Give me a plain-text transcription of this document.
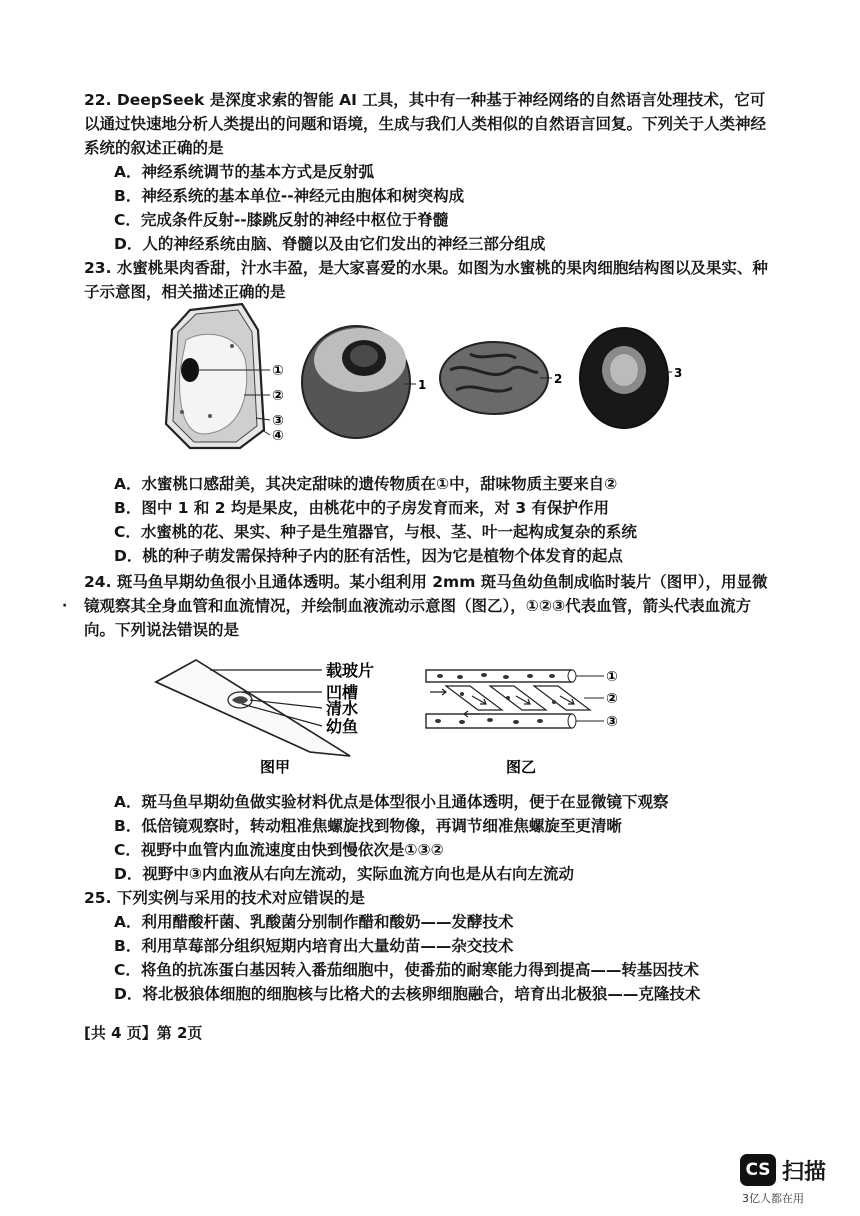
22. DeepSeek 是深度求索的智能 AI 工具，其中有一种基于神经网络的自然语言处理技术，它可以通过快速地分析人类提出的问题和语境，生成与我们人类相似的自然语言回复。下列关于人类神经系统的叙述正确的是

A．神经系统调节的基本方式是反射弧

B．神经系统的基本单位--神经元由胞体和树突构成

C．完成条件反射--膝跳反射的神经中枢位于脊髓

D．人的神经系统由脑、脊髓以及由它们发出的神经三部分组成

23. 水蜜桃果肉香甜，汁水丰盈，是大家喜爱的水果。如图为水蜜桃的果肉细胞结构图以及果实、种子示意图，相关描述正确的是

①
②
③
④
1	2	3

A．水蜜桃口感甜美，其决定甜味的遗传物质在①中，甜味物质主要来自②

B．图中 1 和 2 均是果皮，由桃花中的子房发育而来，对 3 有保护作用

C．水蜜桃的花、果实、种子是生殖器官，与根、茎、叶一起构成复杂的系统

D．桃的种子萌发需保持种子内的胚有活性，因为它是植物个体发育的起点

24. 斑马鱼早期幼鱼很小且通体透明。某小组利用 2mm 斑马鱼幼鱼制成临时装片（图甲），用显微镜观察其全身血管和血流情况，并绘制血液流动示意图（图乙），①②③代表血管，箭头代表血流方向。下列说法错误的是

·
载玻片
凹槽
清水
幼鱼
图甲
①
②
③
图乙

A．斑马鱼早期幼鱼做实验材料优点是体型很小且通体透明，便于在显微镜下观察

B．低倍镜观察时，转动粗准焦螺旋找到物像，再调节细准焦螺旋至更清晰

C．视野中血管内血流速度由快到慢依次是①③②

D．视野中③内血液从右向左流动，实际血流方向也是从右向左流动

25. 下列实例与采用的技术对应错误的是

A．利用醋酸杆菌、乳酸菌分别制作醋和酸奶——发酵技术

B．利用草莓部分组织短期内培育出大量幼苗——杂交技术

C．将鱼的抗冻蛋白基因转入番茄细胞中，使番茄的耐寒能力得到提高——转基因技术

D．将北极狼体细胞的细胞核与比格犬的去核卵细胞融合，培育出北极狼——克隆技术

[共 4 页】第 2页
CS 扫描
3亿人都在用
